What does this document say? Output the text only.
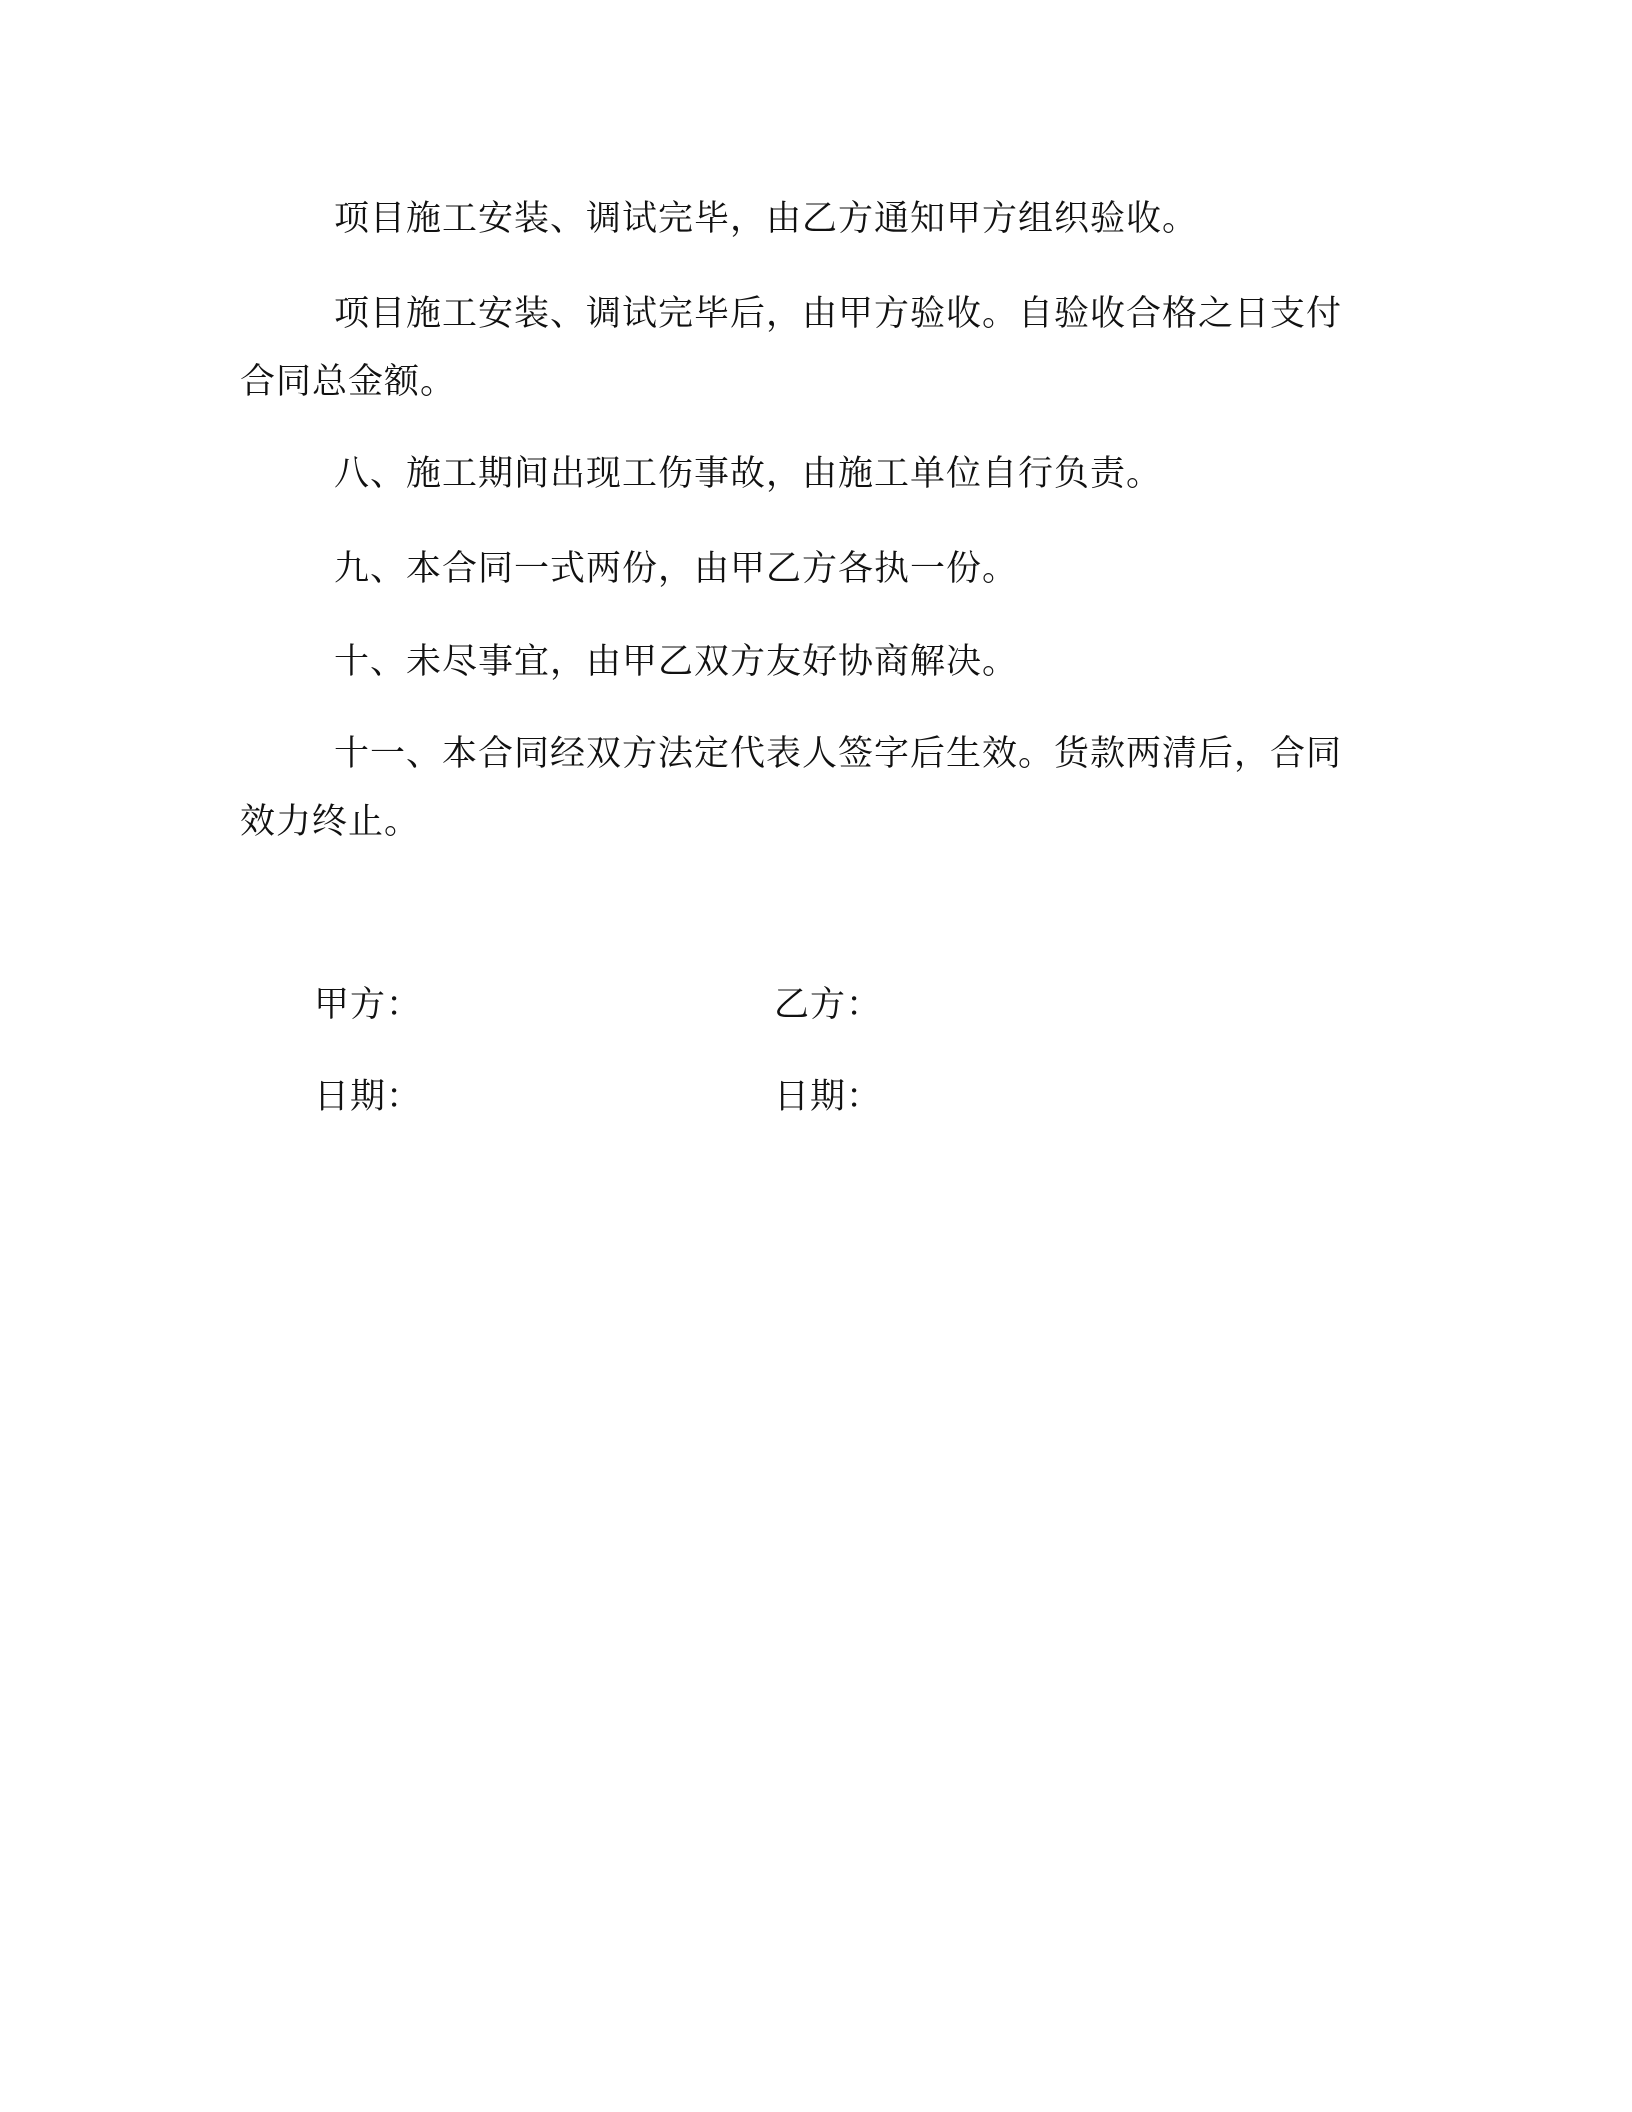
项目施工安装、调试完毕，由乙方通知甲方组织验收。

项目施工安装、调试完毕后，由甲方验收。自验收合格之日支付合同总金额。

八、施工期间出现工伤事故，由施工单位自行负责。

九、本合同一式两份，由甲乙方各执一份。

十、未尽事宜，由甲乙双方友好协商解决。

十一、本合同经双方法定代表人签字后生效。货款两清后，合同效力终止。

甲方：	乙方：
日期：	日期：
